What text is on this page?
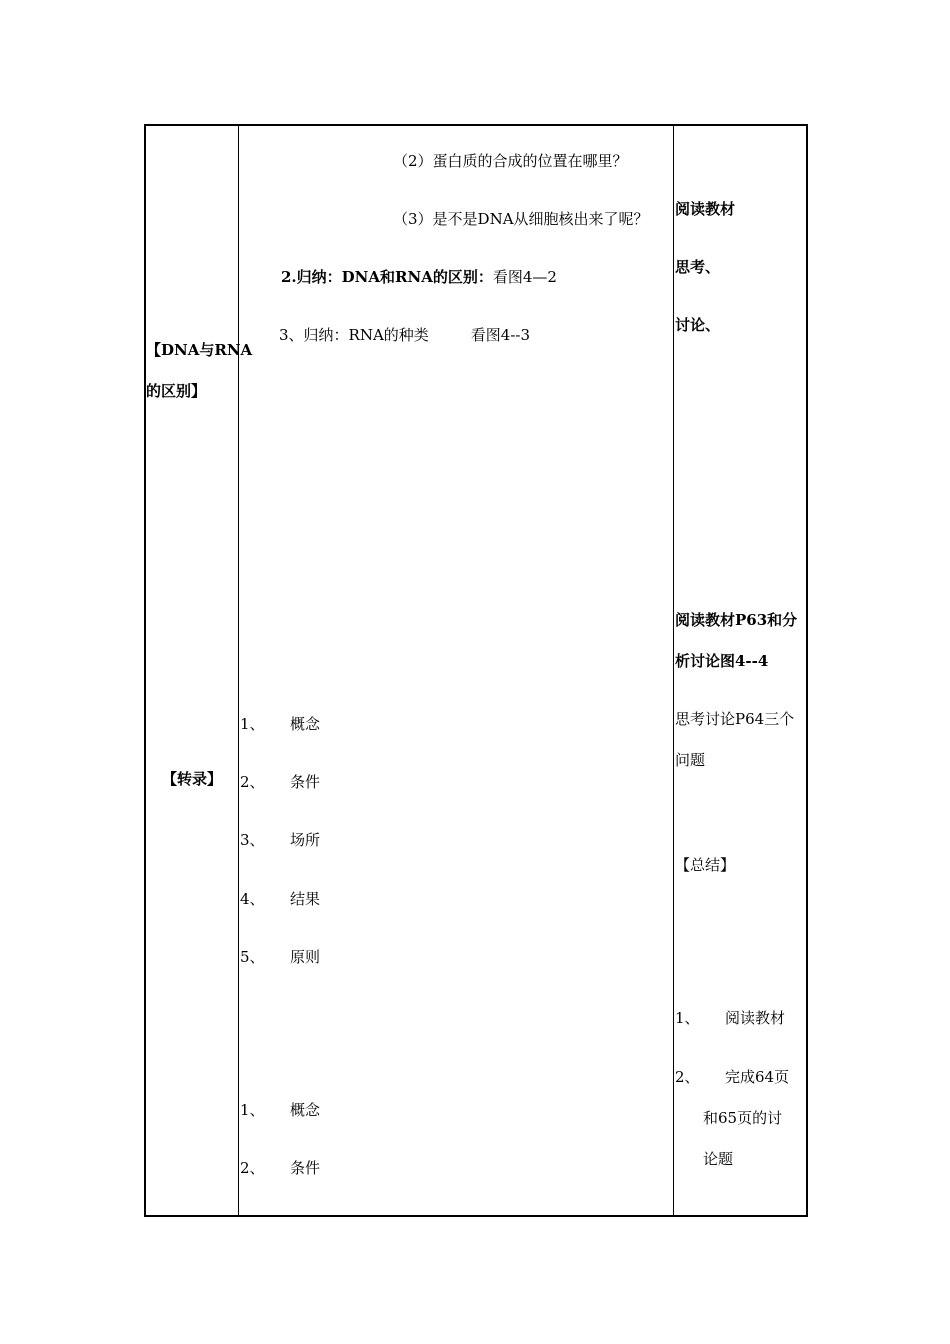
【DNA与RNA
的区别】
【转录】
（2）蛋白质的合成的位置在哪里？
（3）是不是DNA从细胞核出来了呢？
2.归纳：DNA和RNA的区别：看图4—2
3、归纳：RNA的种类	看图4--3
1、 概念
2、 条件
3、 场所
4、 结果
5、 原则
1、 概念
2、 条件
阅读教材
思考、
讨论、
阅读教材P63和分
析讨论图4--4
思考讨论P64三个
问题
【总结】
1、 阅读教材
2、 完成64页
和65页的讨
论题
